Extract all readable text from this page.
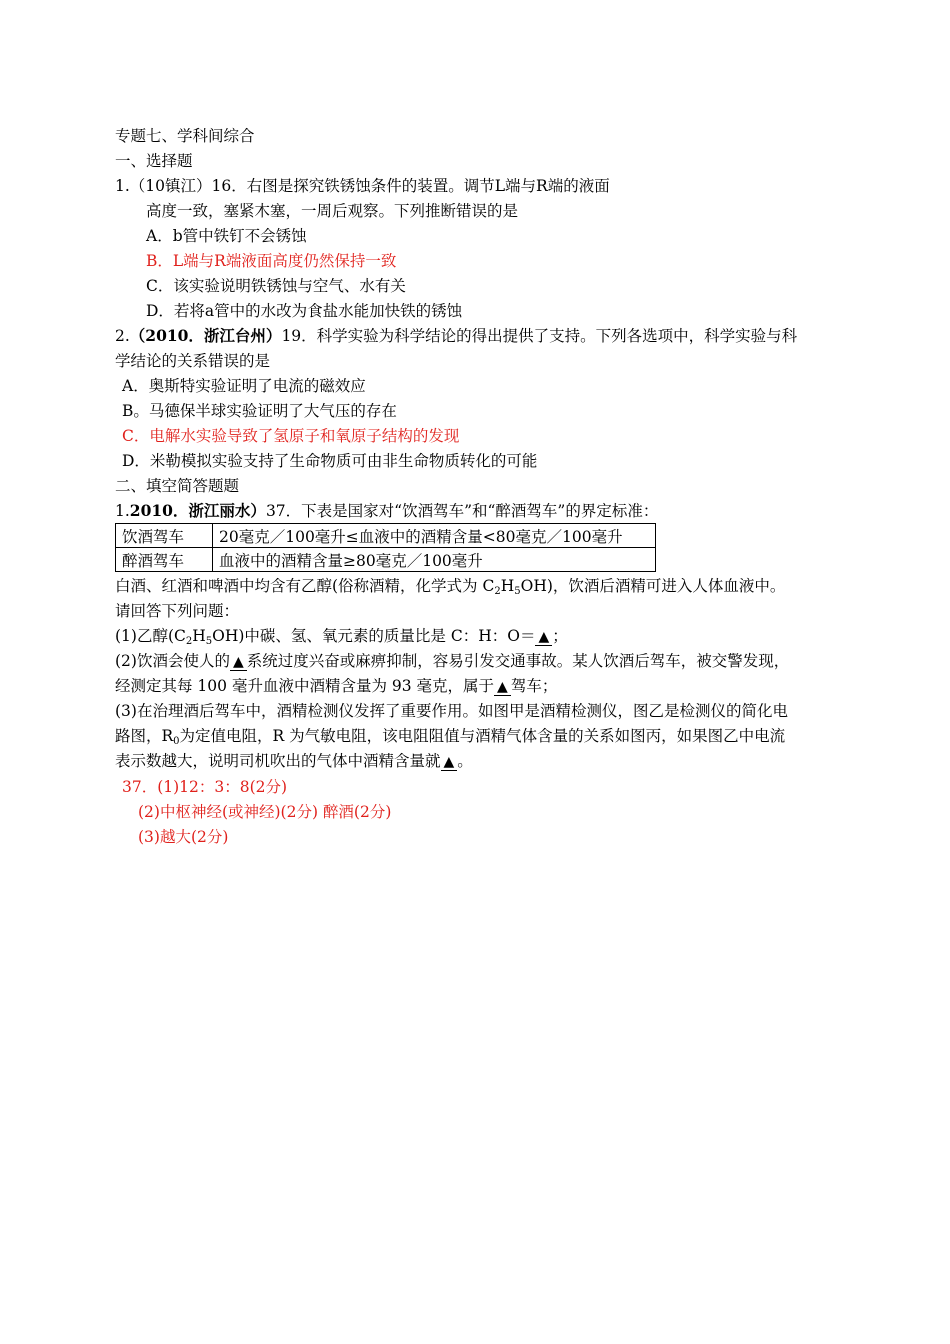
专题七、学科间综合
一、选择题
1.（10镇江）16．右图是探究铁锈蚀条件的装置。调节L端与R端的液面
高度一致，塞紧木塞，一周后观察。下列推断错误的是
A．b管中铁钉不会锈蚀
B．L端与R端液面高度仍然保持一致
C．该实验说明铁锈蚀与空气、水有关
D．若将a管中的水改为食盐水能加快铁的锈蚀
2.（2010．浙江台州）19．科学实验为科学结论的得出提供了支持。下列各选项中，科学实验与科
学结论的关系错误的是
A．奥斯特实验证明了电流的磁效应
B。马德保半球实验证明了大气压的存在
C．电解水实验导致了氢原子和氧原子结构的发现
D．米勒模拟实验支持了生命物质可由非生命物质转化的可能
二、填空简答题题
1.2010．浙江丽水）37．下表是国家对“饮酒驾车”和“醉酒驾车”的界定标准：
饮酒驾车	20毫克／100毫升≤血液中的酒精含量<80毫克／100毫升
醉酒驾车	血液中的酒精含量≥80毫克／100毫升
白酒、红酒和啤酒中均含有乙醇(俗称酒精，化学式为 $C_2H_5OH$)，饮酒后酒精可进入人体血液中。
请回答下列问题：
(1)乙醇$(C_2H_5OH)$中碳、氢、氧元素的质量比是 C：H：O＝ ▲ ；
(2)饮酒会使人的 ▲ 系统过度兴奋或麻痹抑制，容易引发交通事故。某人饮酒后驾车，被交警发现，
经测定其每 100 毫升血液中酒精含量为 93 毫克，属于 ▲ 驾车；
(3)在治理酒后驾车中，酒精检测仪发挥了重要作用。如图甲是酒精检测仪，图乙是检测仪的简化电
路图，$R_0$为定值电阻，R 为气敏电阻，该电阻阻值与酒精气体含量的关系如图丙，如果图乙中电流
表示数越大，说明司机吹出的气体中酒精含量就 ▲ 。
37．(1)12：3：8(2分)
(2)中枢神经(或神经)(2分) 醉酒(2分)
(3)越大(2分)
